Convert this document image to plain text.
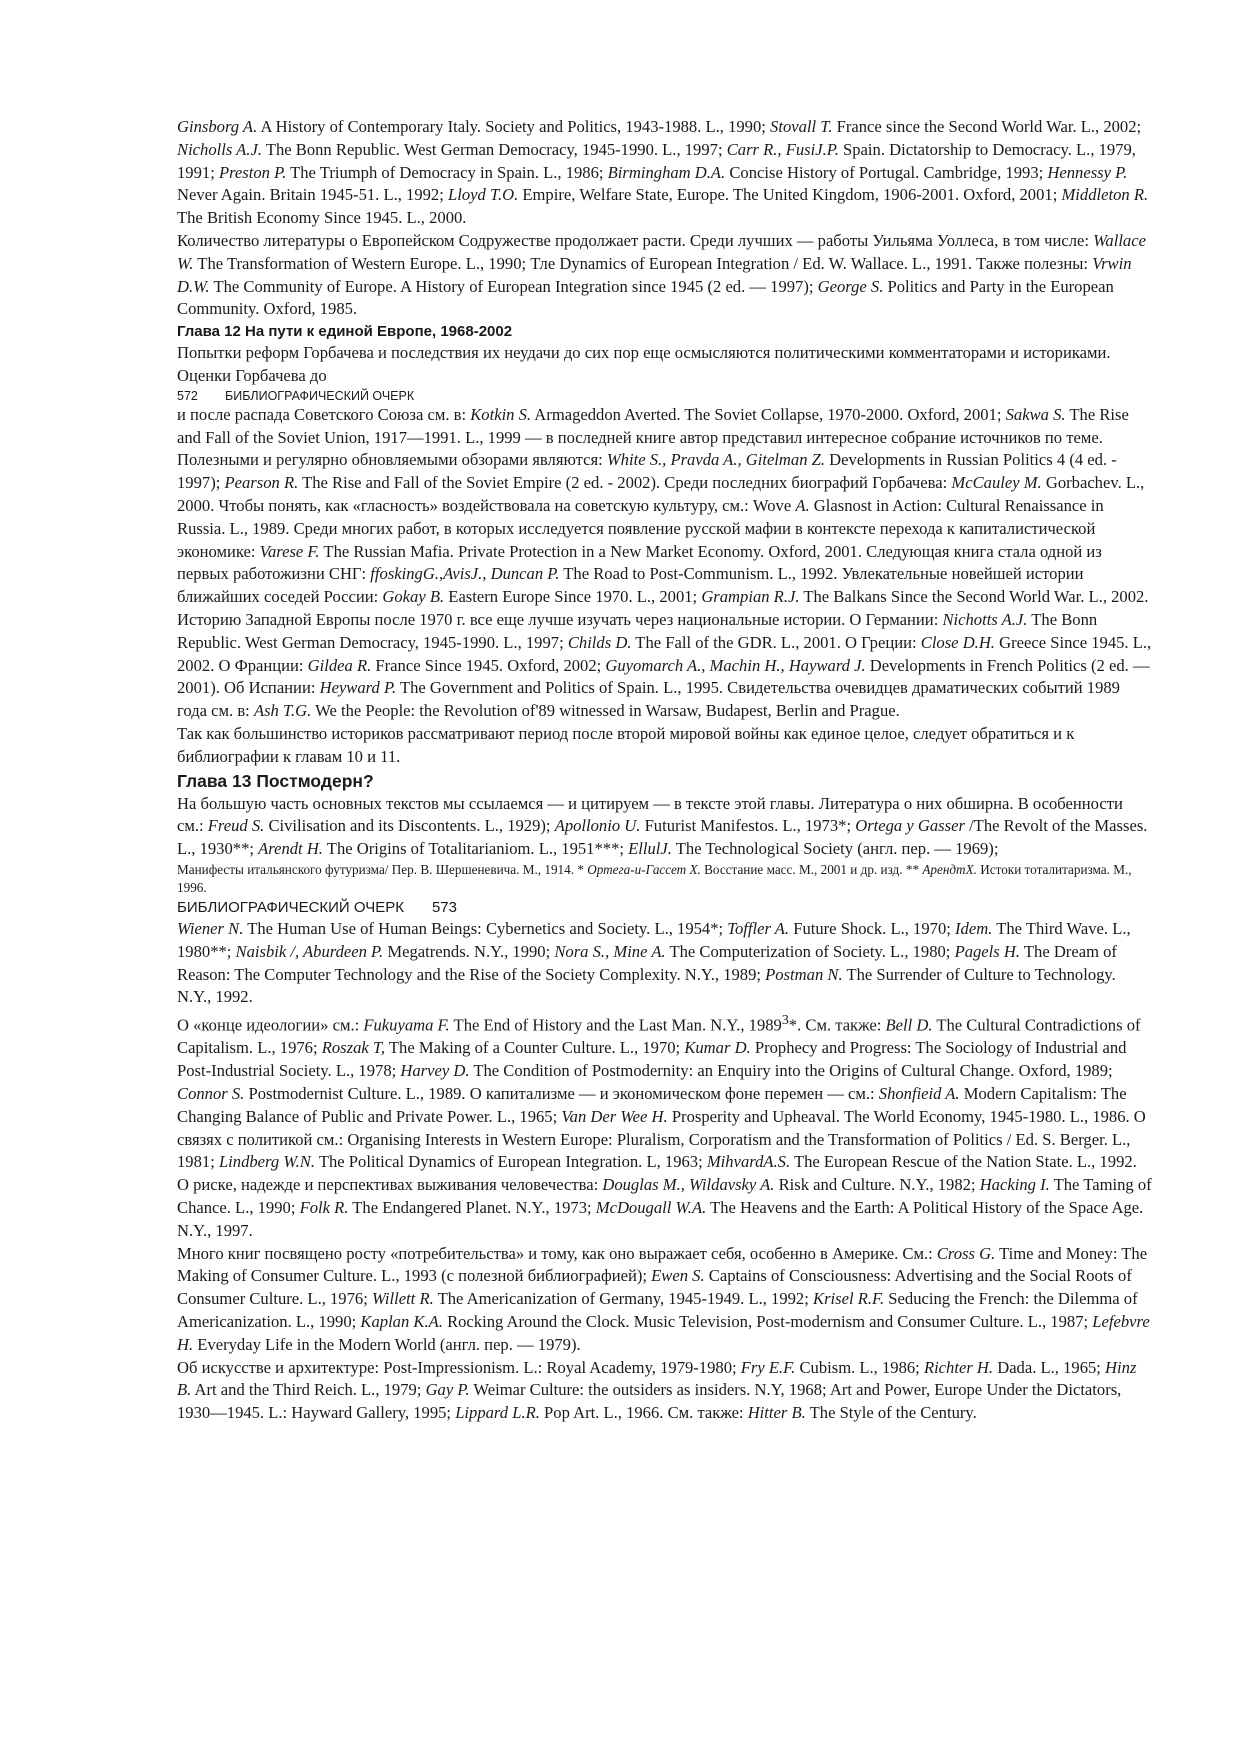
Ginsborg A. A History of Contemporary Italy. Society and Politics, 1943-1988. L., 1990; Stovall T. France since the Second World War. L., 2002; Nicholls A.J. The Bonn Republic. West German Democracy, 1945-1990. L., 1997; Carr R., FusiJ.P. Spain. Dictatorship to Democracy. L., 1979, 1991; Preston P. The Triumph of Democracy in Spain. L., 1986; Birmingham D.A. Concise History of Portugal. Cambridge, 1993; Hennessy P. Never Again. Britain 1945-51. L., 1992; Lloyd T.O. Empire, Welfare State, Europe. The United Kingdom, 1906-2001. Oxford, 2001; Middleton R. The British Economy Since 1945. L., 2000.

Количество литературы о Европейском Содружестве продолжает расти. Среди лучших — работы Уильяма Уоллеса, в том числе: Wallace W. The Transformation of Western Europe. L., 1990; Тле Dynamics of European Integration / Ed. W. Wallace. L., 1991. Также полезны: Vrwin D.W. The Community of Europe. A History of European Integration since 1945 (2 ed. — 1997); George S. Politics and Party in the European Community. Oxford, 1985.

Глава 12 На пути к единой Европе, 1968-2002

Попытки реформ Горбачева и последствия их неудачи до сих пор еще осмысляются политическими комментаторами и историками. Оценки Горбачева до

572 БИБЛИОГРАФИЧЕСКИЙ ОЧЕРК

и после распада Советского Союза см. в: Kotkin S. Armageddon Averted. The Soviet Collapse, 1970-2000. Oxford, 2001; Sakwa S. The Rise and Fall of the Soviet Union, 1917—1991. L., 1999 — в последней книге автор представил интересное собрание источников по теме. Полезными и регулярно обновляемыми обзорами являются: White S., Pravda A., Gitelman Z. Developments in Russian Politics 4 (4 ed. - 1997); Pearson R. The Rise and Fall of the Soviet Empire (2 ed. - 2002). Среди последних биографий Горбачева: McCauley M. Gorbachev. L., 2000. Чтобы понять, как «гласность» воздействовала на советскую культуру, см.: Wove A. Glasnost in Action: Cultural Renaissance in Russia. L., 1989. Среди многих работ, в которых исследуется появление русской мафии в контексте перехода к капиталистической экономике: Varese F. The Russian Mafia. Private Protection in a New Market Economy. Oxford, 2001. Следующая книга стала одной из первых работожизни СНГ: ffoskingG.,AvisJ., Duncan P. The Road to Post-Communism. L., 1992. Увлекательные новейшей истории ближайших соседей России: Gokay B. Eastern Europe Since 1970. L., 2001; Grampian R.J. The Balkans Since the Second World War. L., 2002.

Историю Западной Европы после 1970 г. все еще лучше изучать через национальные истории. О Германии: Nichotts A.J. The Bonn Republic. West German Democracy, 1945-1990. L., 1997; Childs D. The Fall of the GDR. L., 2001. О Греции: Close D.H. Greece Since 1945. L., 2002. О Франции: Gildea R. France Since 1945. Oxford, 2002; Guyomarch A., Machin H., Hayward J. Developments in French Politics (2 ed. — 2001). Об Испании: Heyward P. The Government and Politics of Spain. L., 1995. Свидетельства очевидцев драматических событий 1989 года см. в: Ash T.G. We the People: the Revolution of'89 witnessed in Warsaw, Budapest, Berlin and Prague.

Так как большинство историков рассматривают период после второй мировой войны как единое целое, следует обратиться и к библиографии к главам 10 и 11.

Глава 13 Постмодерн?

На большую часть основных текстов мы ссылаемся — и цитируем — в тексте этой главы. Литература о них обширна. В особенности см.: Freud S. Civilisation and its Discontents. L., 1929); Apollonio U. Futurist Manifestos. L., 1973*; Ortega y Gasser /The Revolt of the Masses. L., 1930**; Arendt H. The Origins of Totalitarianiom. L., 1951***; EllulJ. The Technological Society (англ. пер. — 1969);

Манифесты итальянского футуризма/ Пер. В. Шершеневича. М., 1914. * Ортега-и-Гассет X. Восстание масс. М., 2001 и др. изд. ** АрендтХ. Истоки тоталитаризма. М., 1996.

БИБЛИОГРАФИЧЕСКИЙ ОЧЕРК 573

Wiener N. The Human Use of Human Beings: Cybernetics and Society. L., 1954*; Toffler A. Future Shock. L., 1970; Idem. The Third Wave. L., 1980**; Naisbik /, Aburdeen P. Megatrends. N.Y., 1990; Nora S., Mine A. The Computerization of Society. L., 1980; Pagels H. The Dream of Reason: The Computer Technology and the Rise of the Society Complexity. N.Y., 1989; Postman N. The Surrender of Culture to Technology. N.Y., 1992.

О «конце идеологии» см.: Fukuyama F. The End of History and the Last Man. N.Y., 1989$^3$*. См. также: Bell D. The Cultural Contradictions of Capitalism. L., 1976; Roszak T, The Making of a Counter Culture. L., 1970; Kumar D. Prophecy and Progress: The Sociology of Industrial and Post-Industrial Society. L., 1978; Harvey D. The Condition of Postmodernity: an Enquiry into the Origins of Cultural Change. Oxford, 1989; Connor S. Postmodernist Culture. L., 1989. О капитализме — и экономическом фоне перемен — см.: Shonfieid A. Modern Capitalism: The Changing Balance of Public and Private Power. L., 1965; Van Der Wee H. Prosperity and Upheaval. The World Economy, 1945-1980. L., 1986. О связях с политикой см.: Organising Interests in Western Europe: Pluralism, Corporatism and the Transformation of Politics / Ed. S. Berger. L., 1981; Lindberg W.N. The Political Dynamics of European Integration. L, 1963; MihvardA.S. The European Rescue of the Nation State. L., 1992. О риске, надежде и перспективах выживания человечества: Douglas M., Wildavsky A. Risk and Culture. N.Y., 1982; Hacking I. The Taming of Chance. L., 1990; Folk R. The Endangered Planet. N.Y., 1973; McDougall W.A. The Heavens and the Earth: A Political History of the Space Age. N.Y., 1997.

Много книг посвящено росту «потребительства» и тому, как оно выражает себя, особенно в Америке. См.: Cross G. Time and Money: The Making of Consumer Culture. L., 1993 (с полезной библиографией); Ewen S. Captains of Consciousness: Advertising and the Social Roots of Consumer Culture. L., 1976; Willett R. The Americanization of Germany, 1945-1949. L., 1992; Krisel R.F. Seducing the French: the Dilemma of Americanization. L., 1990; Kaplan K.A. Rocking Around the Clock. Music Television, Post-modernism and Consumer Culture. L., 1987; Lefebvre H. Everyday Life in the Modern World (англ. пер. — 1979).

Об искусстве и архитектуре: Post-Impressionism. L.: Royal Academy, 1979-1980; Fry E.F. Cubism. L., 1986; Richter H. Dada. L., 1965; Hinz B. Art and the Third Reich. L., 1979; Gay P. Weimar Culture: the outsiders as insiders. N.Y, 1968; Art and Power, Europe Under the Dictators, 1930—1945. L.: Hayward Gallery, 1995; Lippard L.R. Pop Art. L., 1966. См. также: Hitter B. The Style of the Century.
